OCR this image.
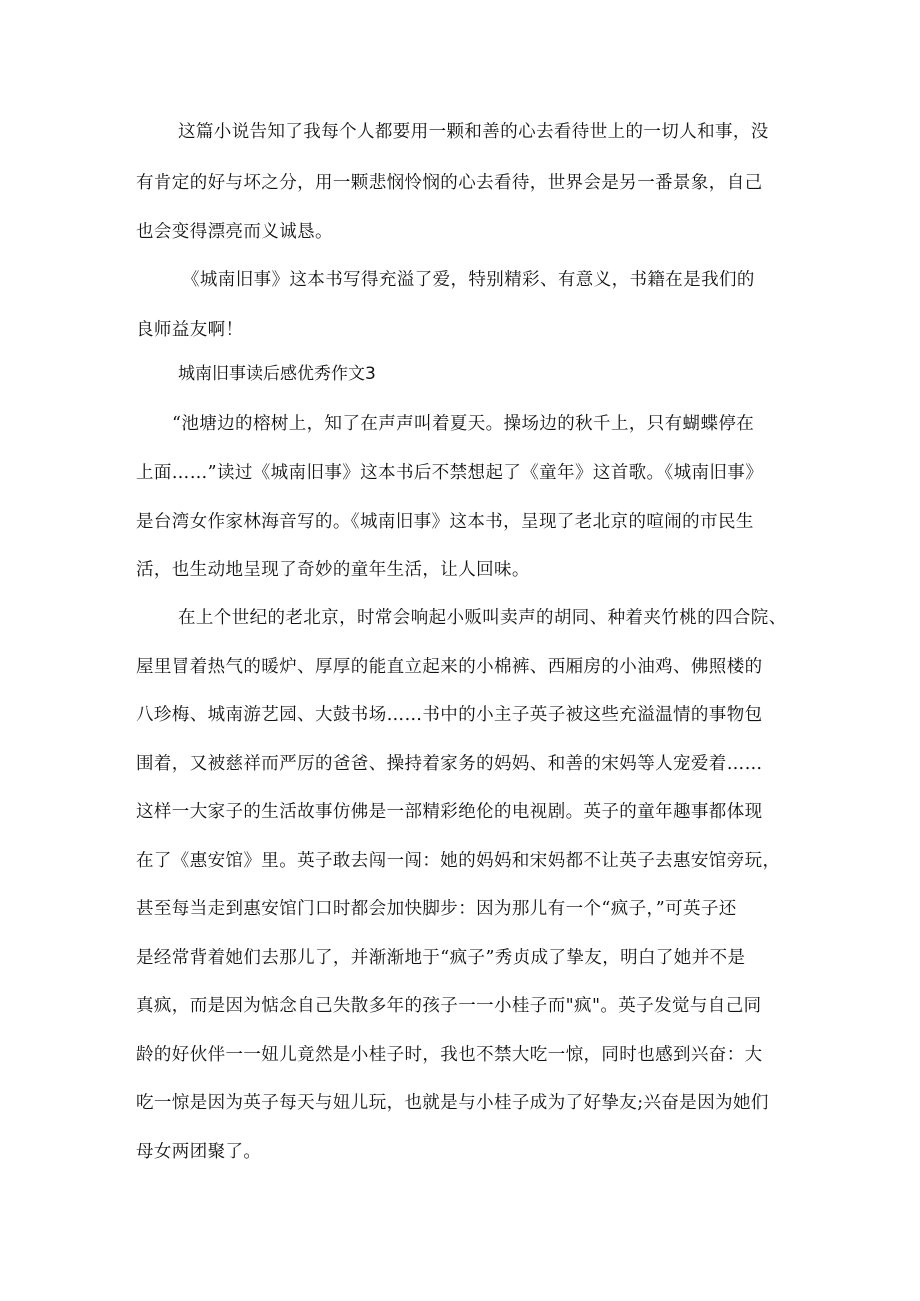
这篇小说告知了我每个人都要用一颗和善的心去看待世上的一切人和事，没
有肯定的好与坏之分，用一颗悲悯怜悯的心去看待，世界会是另一番景象，自己
也会变得漂亮而义诚恳。
《城南旧事》这本书写得充溢了爱，特别精彩、有意义，书籍在是我们的
良师益友啊！
城南旧事读后感优秀作文3
“池塘边的榕树上，知了在声声叫着夏天。操场边的秋千上，只有蝴蝶停在
上面……”读过《城南旧事》这本书后不禁想起了《童年》这首歌。《城南旧事》
是台湾女作家林海音写的。《城南旧事》这本书，呈现了老北京的喧闹的市民生
活，也生动地呈现了奇妙的童年生活，让人回味。
在上个世纪的老北京，时常会响起小贩叫卖声的胡同、种着夹竹桃的四合院、
屋里冒着热气的暖炉、厚厚的能直立起来的小棉裤、西厢房的小油鸡、佛照楼的
八珍梅、城南游艺园、大鼓书场……书中的小主子英子被这些充溢温情的事物包
围着，又被慈祥而严厉的爸爸、操持着家务的妈妈、和善的宋妈等人宠爱着……
这样一大家子的生活故事仿佛是一部精彩绝伦的电视剧。英子的童年趣事都体现
在了《惠安馆》里。英子敢去闯一闯：她的妈妈和宋妈都不让英子去惠安馆旁玩，
甚至每当走到惠安馆门口时都会加快脚步：因为那儿有一个“疯子，”可英子还
是经常背着她们去那儿了，并渐渐地于“疯子”秀贞成了挚友，明白了她并不是
真疯，而是因为惦念自己失散多年的孩子一一小桂子而"疯"。英子发觉与自己同
龄的好伙伴一一妞儿竟然是小桂子时，我也不禁大吃一惊，同时也感到兴奋：大
吃一惊是因为英子每天与妞儿玩，也就是与小桂子成为了好挚友;兴奋是因为她们
母女两团聚了。
